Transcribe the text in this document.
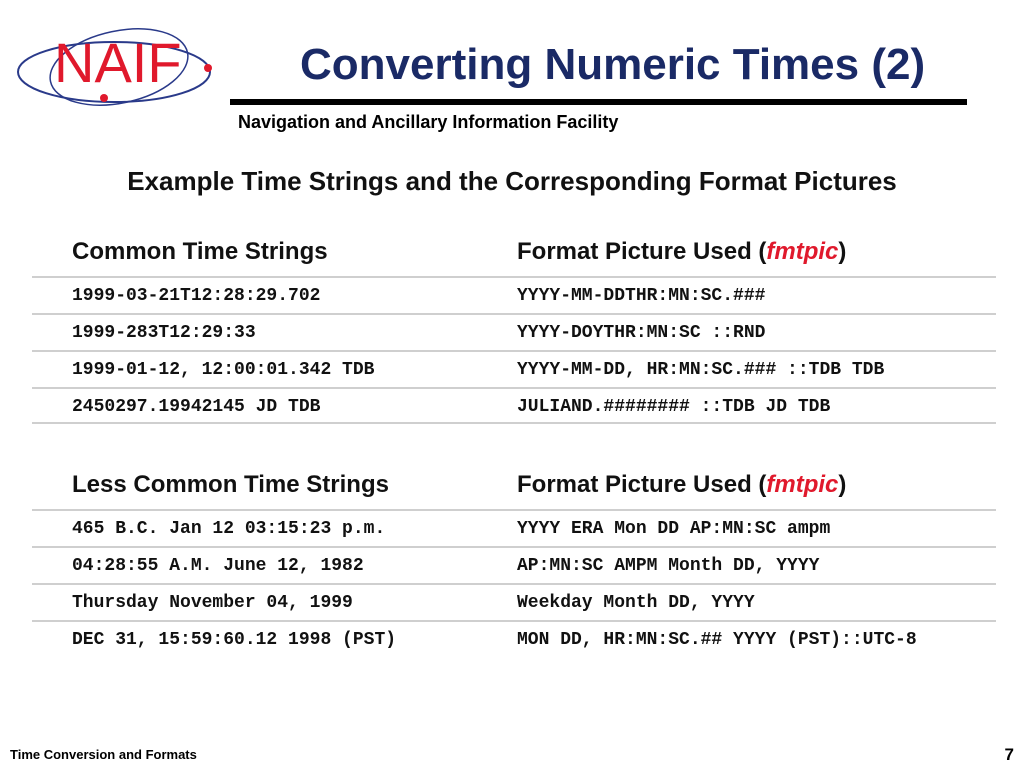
NAIF	Converting Numeric Times (2)
Navigation and Ancillary Information Facility
Example Time Strings and the Corresponding Format Pictures
Common Time Strings	Format Picture Used (fmtpic)
1999-03-21T12:28:29.702	YYYY-MM-DDTHR:MN:SC.###
1999-283T12:29:33	YYYY-DOYTHR:MN:SC ::RND
1999-01-12, 12:00:01.342 TDB	YYYY-MM-DD, HR:MN:SC.### ::TDB TDB
2450297.19942145 JD TDB	JULIAND.######## ::TDB JD TDB
Less Common Time Strings	Format Picture Used (fmtpic)
465 B.C. Jan 12 03:15:23 p.m.	YYYY ERA Mon DD AP:MN:SC ampm
04:28:55 A.M. June 12, 1982	AP:MN:SC AMPM Month DD, YYYY
Thursday November 04, 1999	Weekday Month DD, YYYY
DEC 31, 15:59:60.12 1998 (PST)	MON DD, HR:MN:SC.## YYYY (PST)::UTC-8
Time Conversion and Formats	7
